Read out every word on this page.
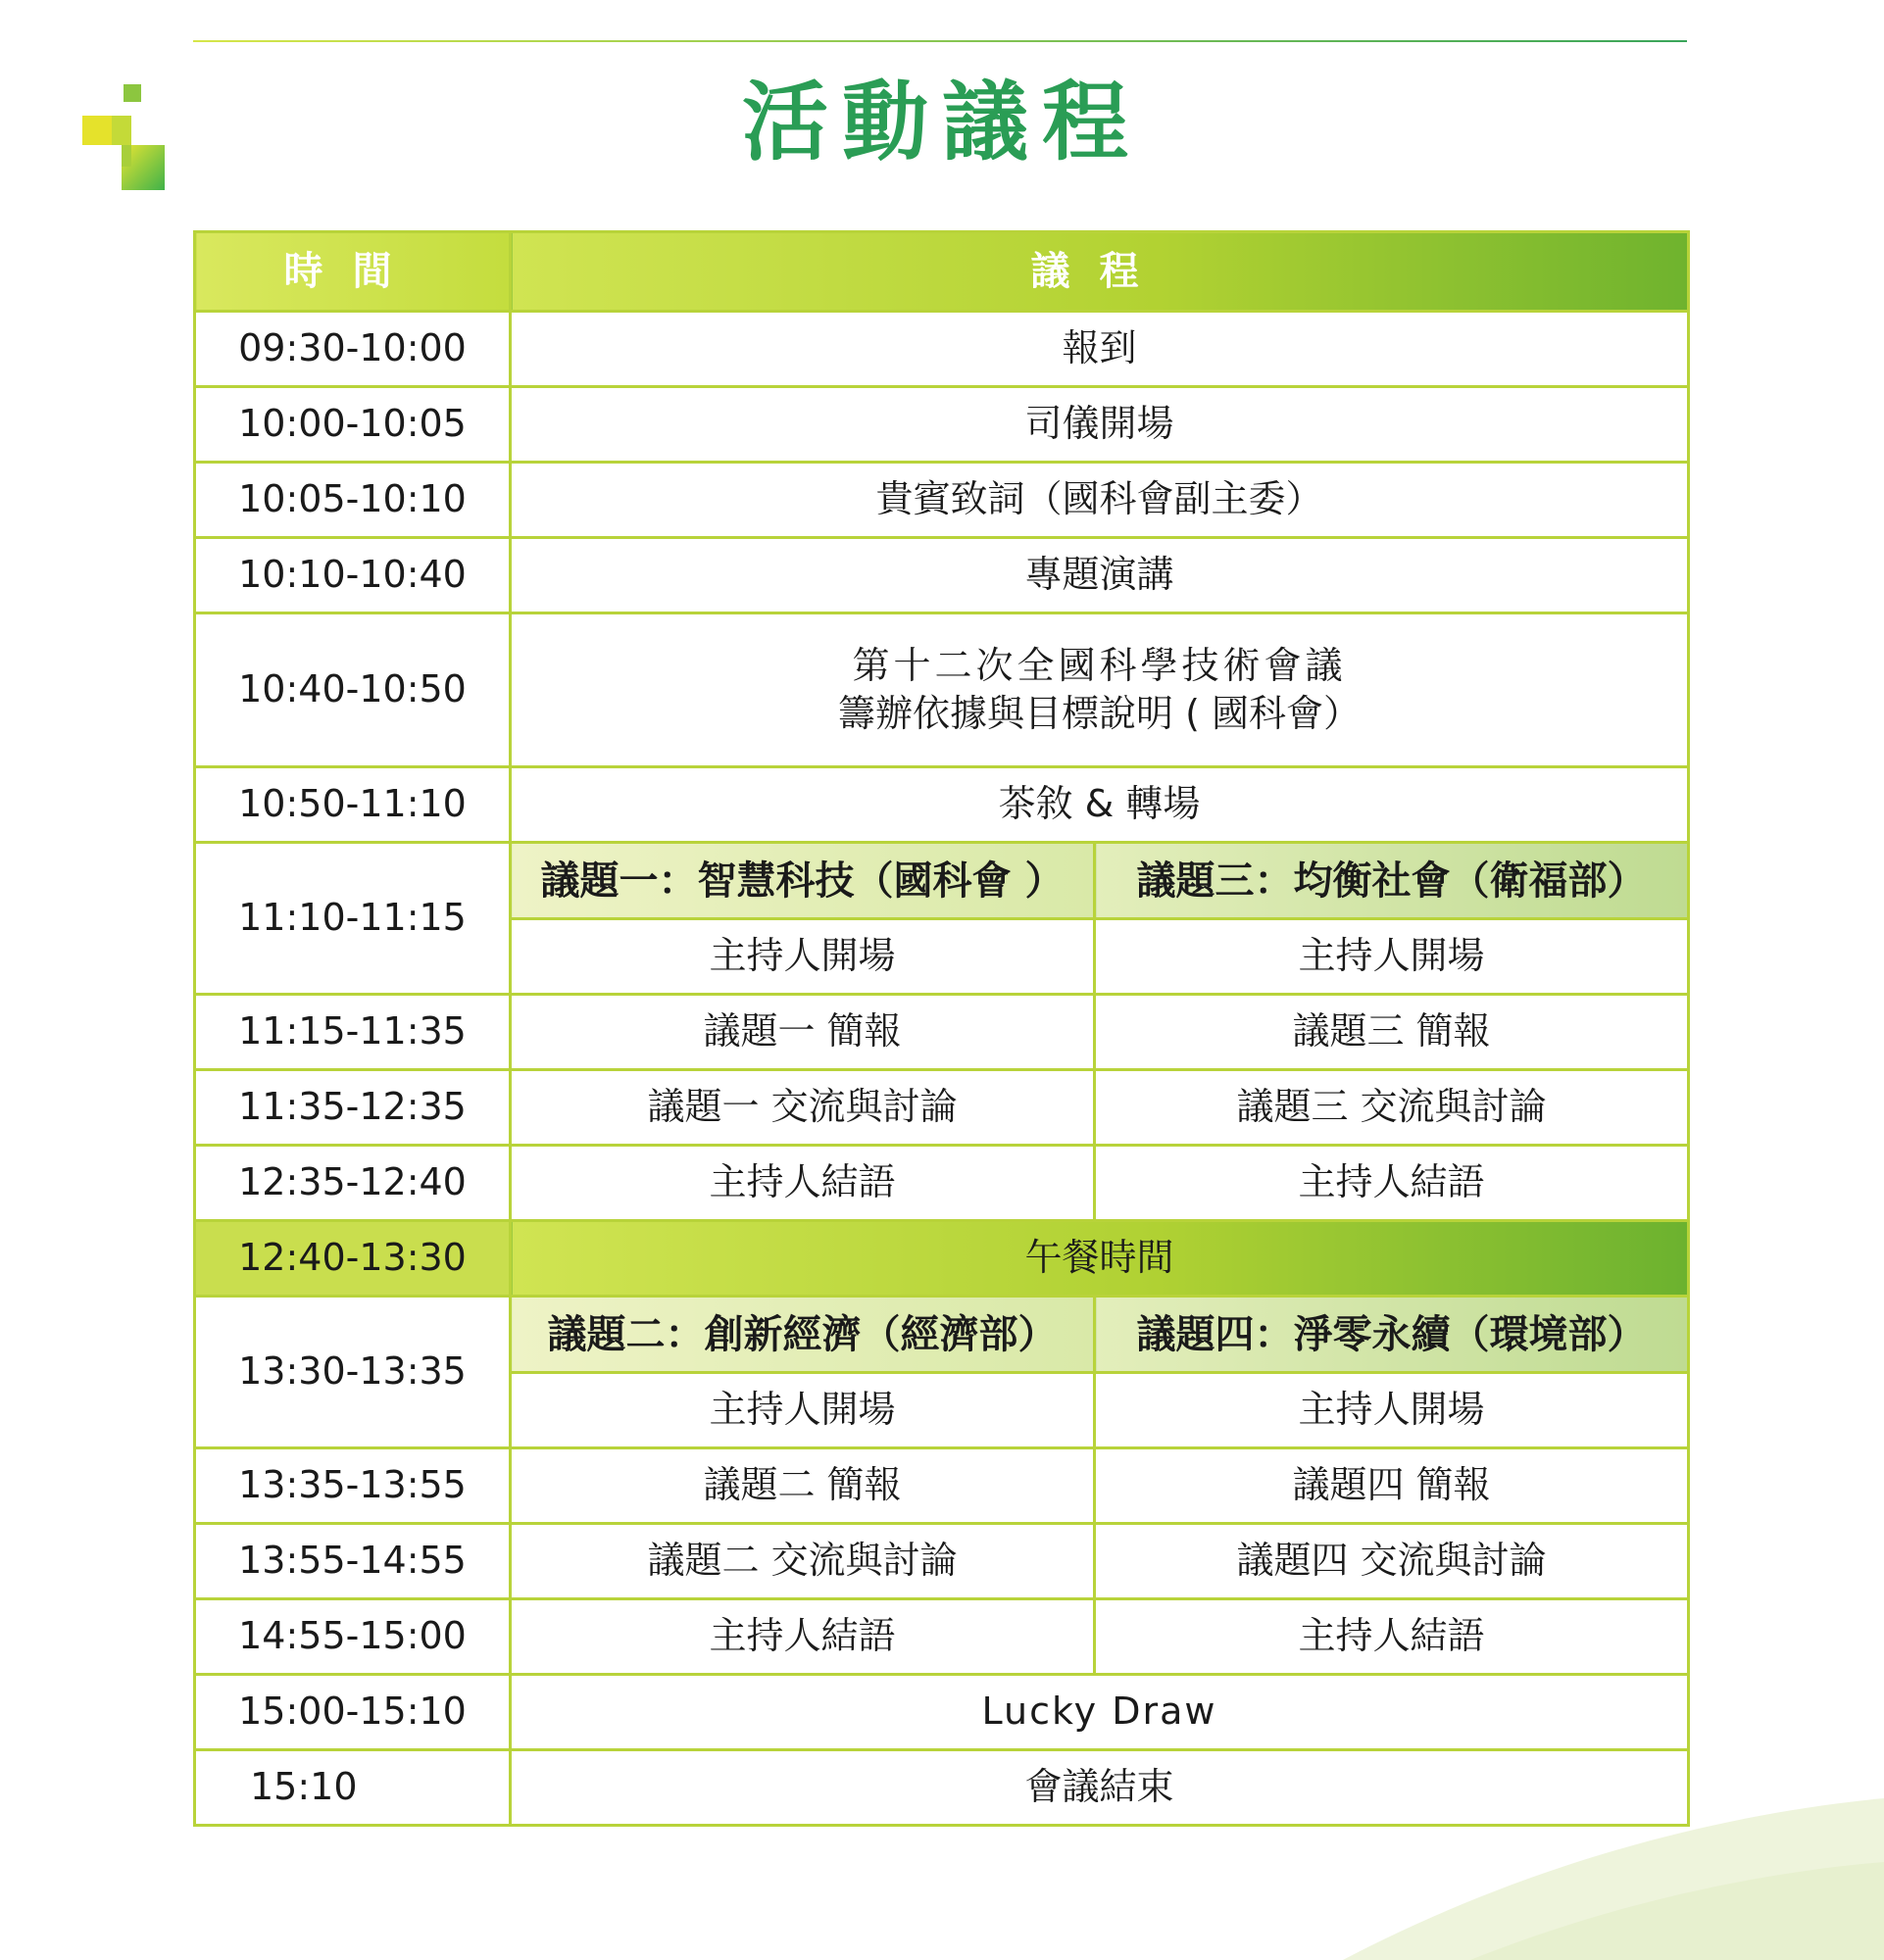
活動議程
時間	議程	
09:30-10:00	報到	
10:00-10:05	司儀開場	
10:05-10:10	貴賓致詞（國科會副主委）	
10:10-10:40	專題演講	
10:40-10:50	第十二次全國科學技術會議
籌辦依據與目標說明 ( 國科會）	

10:50-11:10	茶敘 & 轉場	
11:10-11:15	議題一：智慧科技（國科會 ）	議題三：均衡社會（衛福部）
	主持人開場	主持人開場
11:15-11:35	議題一 簡報	議題三 簡報
11:35-12:35	議題一 交流與討論	議題三 交流與討論
12:35-12:40	主持人結語	主持人結語
12:40-13:30	午餐時間	
13:30-13:35	議題二：創新經濟（經濟部）	議題四：淨零永續（環境部）
	主持人開場	主持人開場
13:35-13:55	議題二 簡報	議題四 簡報
13:55-14:55	議題二 交流與討論	議題四 交流與討論
14:55-15:00	主持人結語	主持人結語
15:00-15:10	Lucky Draw	
15:10	會議結束	
